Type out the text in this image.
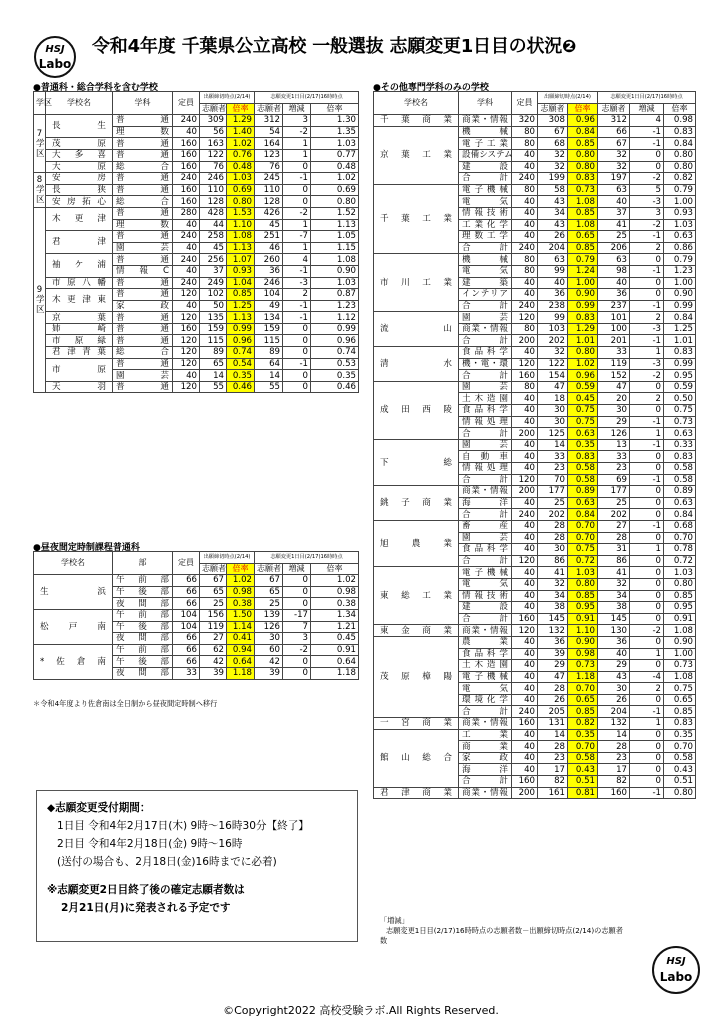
HSJ
Labo
HSJ
Labo
令和4年度 千葉県公立高校 一般選抜 志願変更1日目の状況❷
●普通科・総合学科を含む学校	●その他専門学科のみの学校
●昼夜間定時制課程普通科
学区	学校名	学科	定員	出願締切時点(2/14)		志願変更1日目(2/17)16時時点		
				志願者	倍率	志願者	増減	倍率
7学区	長生	普通	240	309	1.29	312	3	1.30
		理数	40	56	1.40	54	-2	1.35
	茂原	普通	160	163	1.02	164	1	1.03
	大多喜	普通	160	122	0.76	123	1	0.77
	大原	総合	160	76	0.48	76	0	0.48
8学区	安房	普通	240	246	1.03	245	-1	1.02
	長狭	普通	160	110	0.69	110	0	0.69
	安房拓心	総合	160	128	0.80	128	0	0.80
9学区	木更津	普通	280	428	1.53	426	-2	1.52
		理数	40	44	1.10	45	1	1.13
	君津	普通	240	258	1.08	251	-7	1.05
		園芸	40	45	1.13	46	1	1.15
	袖ケ浦	普通	240	256	1.07	260	4	1.08
		情報C	40	37	0.93	36	-1	0.90
	市原八幡	普通	240	249	1.04	246	-3	1.03
	木更津東	普通	120	102	0.85	104	2	0.87
		家政	40	50	1.25	49	-1	1.23
	京葉	普通	120	135	1.13	134	-1	1.12
	姉崎	普通	160	159	0.99	159	0	0.99
	市原緑	普通	120	115	0.96	115	0	0.96
	君津青葉	総合	120	89	0.74	89	0	0.74
	市原	普通	120	65	0.54	64	-1	0.53
		園芸	40	14	0.35	14	0	0.35
	天羽	普通	120	55	0.46	55	0	0.46
学校名	部	定員	出願締切時点(2/14)		志願変更1日目(2/17)16時時点		
			志願者	倍率	志願者	増減	倍率
生浜	午前部	66	67	1.02	67	0	1.02
	午後部	66	65	0.98	65	0	0.98
	夜間部	66	25	0.38	25	0	0.38
松戸南	午前部	104	156	1.50	139	-17	1.34
	午後部	104	119	1.14	126	7	1.21
	夜間部	66	27	0.41	30	3	0.45
*佐倉南	午前部	66	62	0.94	60	-2	0.91
	午後部	66	42	0.64	42	0	0.64
	夜間部	33	39	1.18	39	0	1.18
＊令和4年度より佐倉南は全日制から昼夜間定時制へ移行
学校名	学科	定員	出願締切時点(2/14)		志願変更1日目(2/17)16時時点		
			志願者	倍率	志願者	増減	倍率
千葉商業	商業・情報	320	308	0.96	312	4	0.98
京葉工業	機械	80	67	0.84	66	-1	0.83
	電子工業	80	68	0.85	67	-1	0.84
	設備システム	40	32	0.80	32	0	0.80
	建設	40	32	0.80	32	0	0.80
	合計	240	199	0.83	197	-2	0.82
千葉工業	電子機械	80	58	0.73	63	5	0.79
	電気	40	43	1.08	40	-3	1.00
	情報技術	40	34	0.85	37	3	0.93
	工業化学	40	43	1.08	41	-2	1.03
	理数工学	40	26	0.65	25	-1	0.63
	合計	240	204	0.85	206	2	0.86
市川工業	機械	80	63	0.79	63	0	0.79
	電気	80	99	1.24	98	-1	1.23
	建築	40	40	1.00	40	0	1.00
	インテリア	40	36	0.90	36	0	0.90
	合計	240	238	0.99	237	-1	0.99
流山	園芸	120	99	0.83	101	2	0.84
	商業・情報	80	103	1.29	100	-3	1.25
	合計	200	202	1.01	201	-1	1.01
清水	食品科学	40	32	0.80	33	1	0.83
	機・電・環	120	122	1.02	119	-3	0.99
	合計	160	154	0.96	152	-2	0.95
成田西陵	園芸	80	47	0.59	47	0	0.59
	土木造園	40	18	0.45	20	2	0.50
	食品科学	40	30	0.75	30	0	0.75
	情報処理	40	30	0.75	29	-1	0.73
	合計	200	125	0.63	126	1	0.63
下総	園芸	40	14	0.35	13	-1	0.33
	自動車	40	33	0.83	33	0	0.83
	情報処理	40	23	0.58	23	0	0.58
	合計	120	70	0.58	69	-1	0.58
銚子商業	商業・情報	200	177	0.89	177	0	0.89
	海洋	40	25	0.63	25	0	0.63
	合計	240	202	0.84	202	0	0.84
旭農業	畜産	40	28	0.70	27	-1	0.68
	園芸	40	28	0.70	28	0	0.70
	食品科学	40	30	0.75	31	1	0.78
	合計	120	86	0.72	86	0	0.72
東総工業	電子機械	40	41	1.03	41	0	1.03
	電気	40	32	0.80	32	0	0.80
	情報技術	40	34	0.85	34	0	0.85
	建設	40	38	0.95	38	0	0.95
	合計	160	145	0.91	145	0	0.91
東金商業	商業・情報	120	132	1.10	130	-2	1.08
茂原樟陽	農業	40	36	0.90	36	0	0.90
	食品科学	40	39	0.98	40	1	1.00
	土木造園	40	29	0.73	29	0	0.73
	電子機械	40	47	1.18	43	-4	1.08
	電気	40	28	0.70	30	2	0.75
	環境化学	40	26	0.65	26	0	0.65
	合計	240	205	0.85	204	-1	0.85
一宮商業	商業・情報	160	131	0.82	132	1	0.83
館山総合	工業	40	14	0.35	14	0	0.35
	商業	40	28	0.70	28	0	0.70
	家政	40	23	0.58	23	0	0.58
	海洋	40	17	0.43	17	0	0.43
	合計	160	82	0.51	82	0	0.51
君津商業	商業・情報	200	161	0.81	160	-1	0.80
「増減」
志願変更1日目(2/17)16時時点の志願者数－出願締切時点(2/14)の志願者
数
◆志願変更受付期間：
1日目 令和4年2月17日(木) 9時～16時30分【終了】
2日目 令和4年2月18日(金) 9時～16時
(送付の場合も、2月18日(金)16時までに必着)
※志願変更2日目終了後の確定志願者数は
2月21日(月)に発表される予定です
©Copyright2022 高校受験ラボ.All Rights Reserved.
